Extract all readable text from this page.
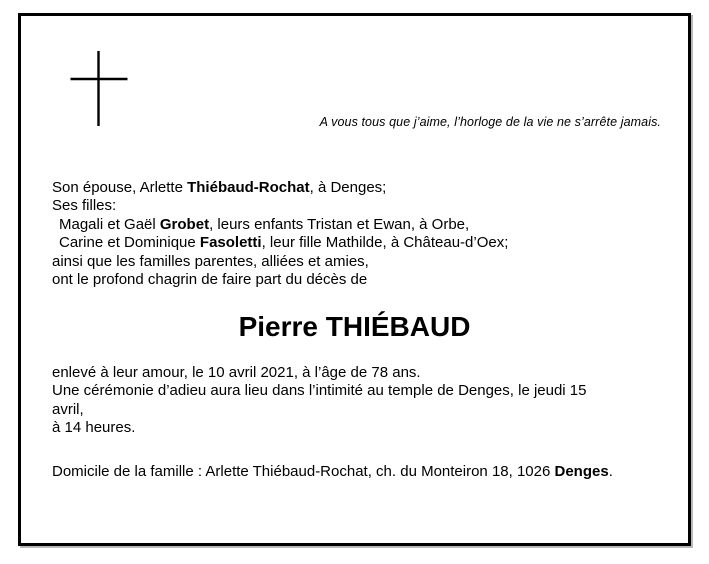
A vous tous que j’aime, l’horloge de la vie ne s’arrête jamais.
Son épouse, Arlette Thiébaud-Rochat, à Denges;
Ses filles:
Magali et Gaël Grobet, leurs enfants Tristan et Ewan, à Orbe,
Carine et Dominique Fasoletti, leur fille Mathilde, à Château-d’Oex;
ainsi que les familles parentes, alliées et amies,
ont le profond chagrin de faire part du décès de
Pierre THIÉBAUD
enlevé à leur amour, le 10 avril 2021, à l’âge de 78 ans.
Une cérémonie d’adieu aura lieu dans l’intimité au temple de Denges, le jeudi 15
avril,
à 14 heures.
Domicile de la famille : Arlette Thiébaud-Rochat, ch. du Monteiron 18, 1026 Denges.
